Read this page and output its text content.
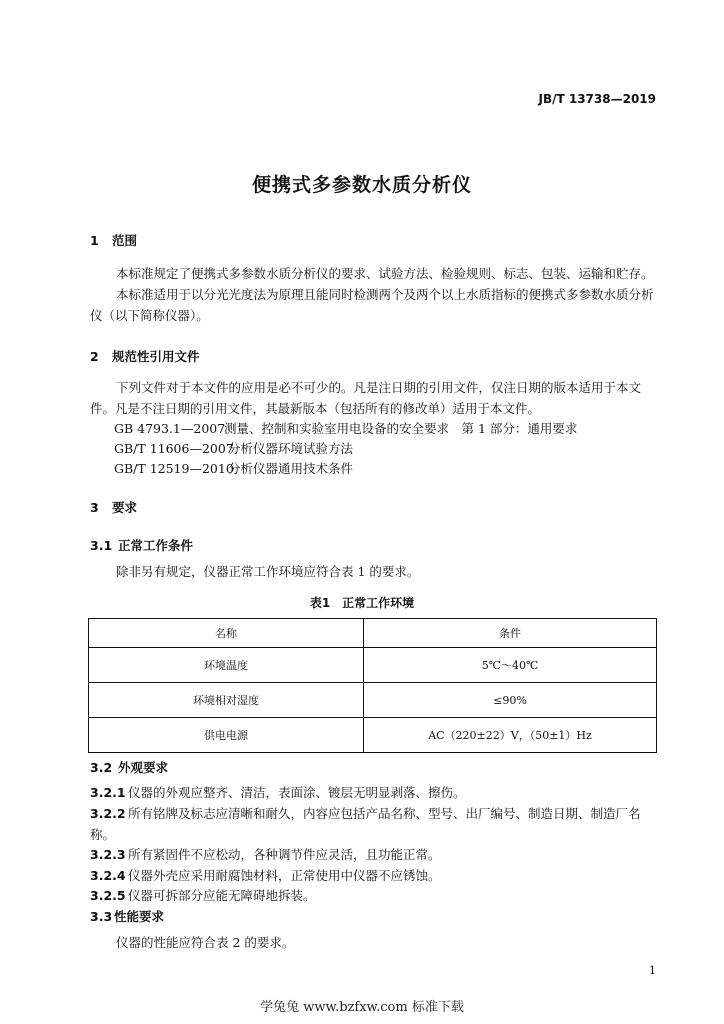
JB/T 13738—2019
便携式多参数水质分析仪
1 范围
本标准规定了便携式多参数水质分析仪的要求、试验方法、检验规则、标志、包装、运输和贮存。
本标准适用于以分光光度法为原理且能同时检测两个及两个以上水质指标的便携式多参数水质分析仪（以下简称仪器）。
2 规范性引用文件
下列文件对于本文件的应用是必不可少的。凡是注日期的引用文件，仅注日期的版本适用于本文件。凡是不注日期的引用文件，其最新版本（包括所有的修改单）适用于本文件。
GB 4793.1—2007测量、控制和实验室用电设备的安全要求　第 1 部分：通用要求
GB/T 11606—2007分析仪器环境试验方法
GB/T 12519—2010分析仪器通用技术条件
3 要求
3.1 正常工作条件
除非另有规定，仪器正常工作环境应符合表 1 的要求。
表1 正常工作环境
名称	条件
环境温度	5℃～40℃
环境相对湿度	≤90%
供电电源	AC（220±22）V，（50±1）Hz
3.2 外观要求
3.2.1 仪器的外观应整齐、清洁，表面涂、镀层无明显剥落、擦伤。
3.2.2 所有铭牌及标志应清晰和耐久，内容应包括产品名称、型号、出厂编号、制造日期、制造厂名称。
3.2.3 所有紧固件不应松动，各种调节件应灵活，且功能正常。
3.2.4 仪器外壳应采用耐腐蚀材料，正常使用中仪器不应锈蚀。
3.2.5 仪器可拆部分应能无障碍地拆装。
3.3 性能要求
仪器的性能应符合表 2 的要求。
1
学兔兔 www.bzfxw.com 标准下载
